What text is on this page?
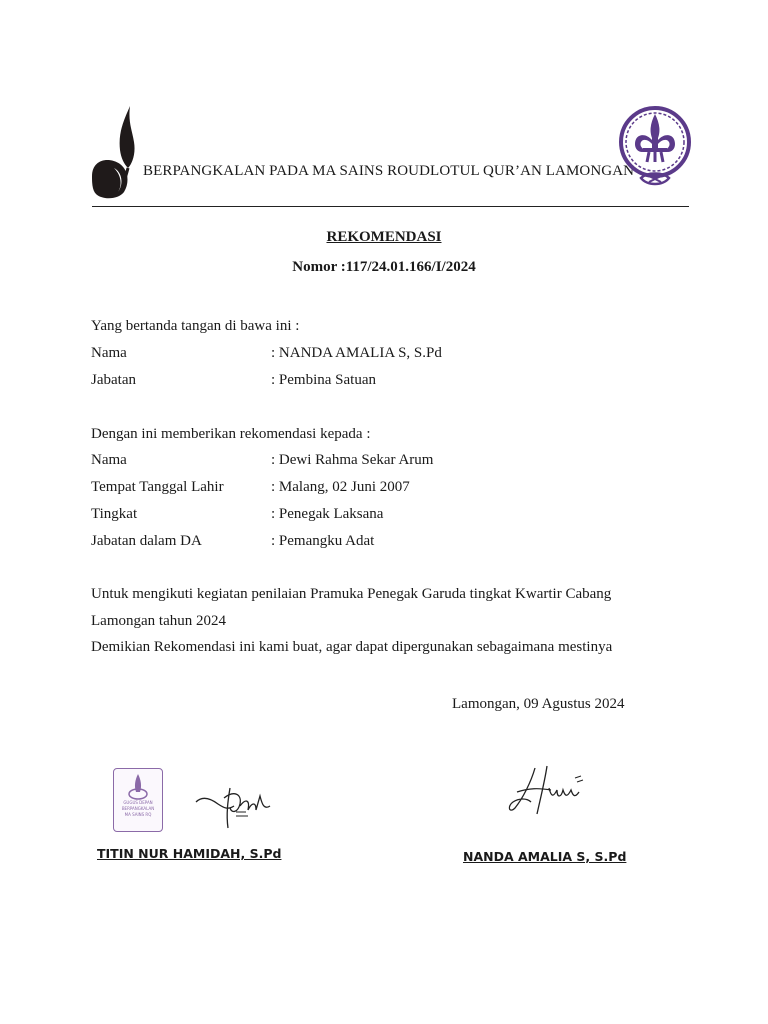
BERPANGKALAN PADA MA SAINS ROUDLOTUL QUR’AN LAMONGAN
REKOMENDASI
Nomor :117/24.01.166/I/2024
Yang bertanda tangan di bawa ini :
Nama	: NANDA AMALIA S, S.Pd
Jabatan	: Pembina Satuan
Dengan ini memberikan rekomendasi kepada :
Nama	: Dewi Rahma Sekar Arum
Tempat Tanggal Lahir	: Malang, 02 Juni 2007
Tingkat	: Penegak Laksana
Jabatan dalam DA	: Pemangku Adat
Untuk mengikuti kegiatan penilaian Pramuka Penegak Garuda tingkat Kwartir Cabang
Lamongan tahun 2024
Demikian Rekomendasi ini kami buat, agar dapat dipergunakan sebagaimana mestinya
Lamongan, 09 Agustus 2024
GUGUS DEPAN
BERPANGKALAN
MA SAINS RQ
TITIN NUR HAMIDAH, S.Pd	NANDA AMALIA S, S.Pd
